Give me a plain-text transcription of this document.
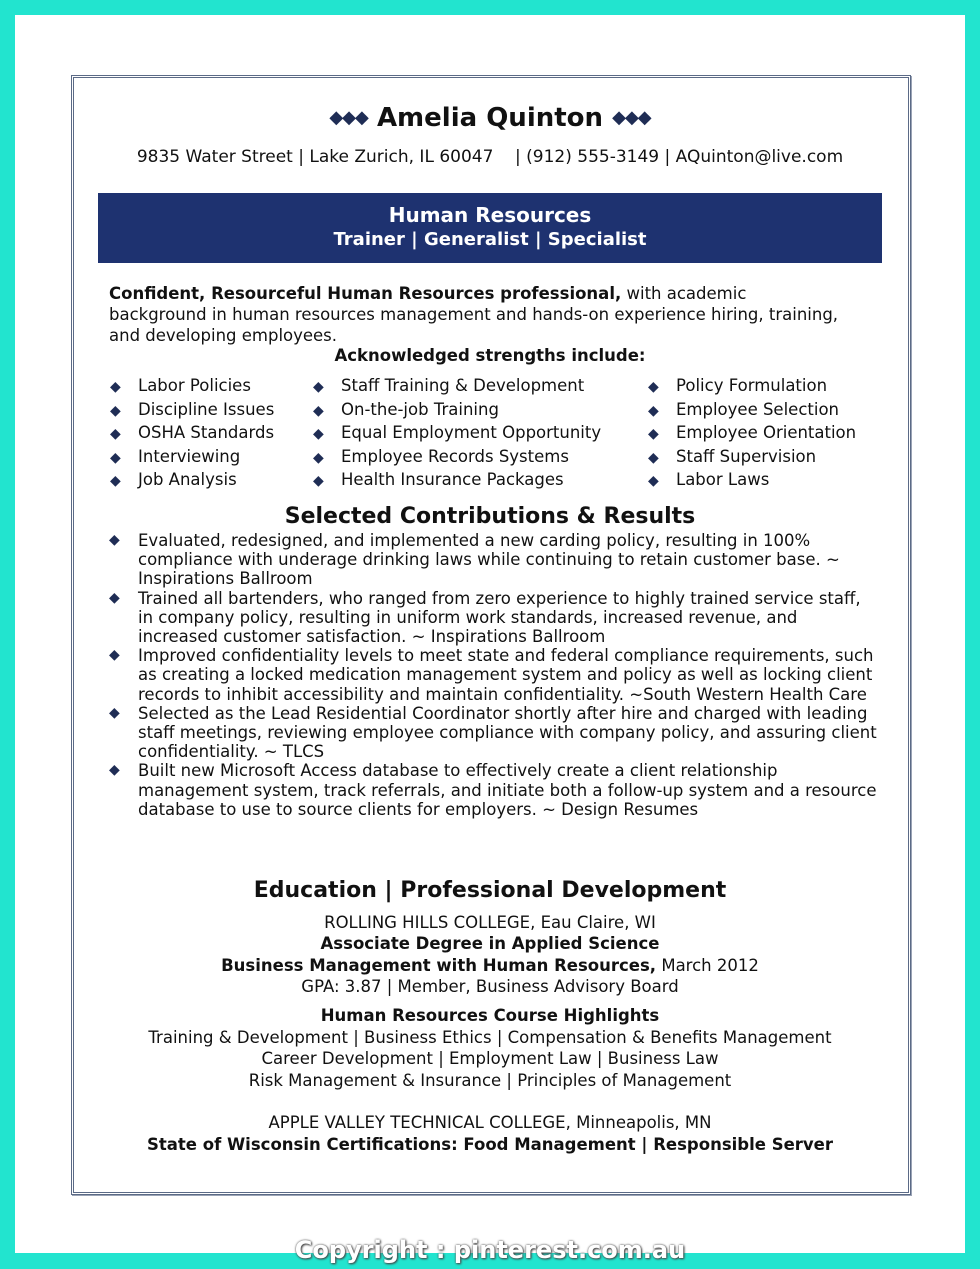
◆◆◆ Amelia Quinton ◆◆◆
9835 Water Street | Lake Zurich, IL 60047    | (912) 555-3149 | AQuinton@live.com
Human Resources
Trainer | Generalist | Specialist
Confident, Resourceful Human Resources professional, with academic background in human resources management and hands-on experience hiring, training, and developing employees.
Acknowledged strengths include:
◆ Labor Policies
◆ Discipline Issues
◆ OSHA Standards
◆ Interviewing
◆ Job Analysis
◆ Staff Training & Development
◆ On-the-job Training
◆ Equal Employment Opportunity
◆ Employee Records Systems
◆ Health Insurance Packages
◆ Policy Formulation
◆ Employee Selection
◆ Employee Orientation
◆ Staff Supervision
◆ Labor Laws
Selected Contributions & Results
◆	Evaluated, redesigned, and implemented a new carding policy, resulting in 100% compliance with underage drinking laws while continuing to retain customer base. ~ Inspirations Ballroom
◆	Trained all bartenders, who ranged from zero experience to highly trained service staff, in company policy, resulting in uniform work standards, increased revenue, and increased customer satisfaction. ~ Inspirations Ballroom
◆	Improved confidentiality levels to meet state and federal compliance requirements, such as creating a locked medication management system and policy as well as locking client records to inhibit accessibility and maintain confidentiality. ~South Western Health Care
◆	Selected as the Lead Residential Coordinator shortly after hire and charged with leading staff meetings, reviewing employee compliance with company policy, and assuring client confidentiality. ~ TLCS
◆	Built new Microsoft Access database to effectively create a client relationship management system, track referrals, and initiate both a follow-up system and a resource database to use to source clients for employers. ~ Design Resumes
Education | Professional Development
ROLLING HILLS COLLEGE, Eau Claire, WI
Associate Degree in Applied Science
Business Management with Human Resources, March 2012
GPA: 3.87 | Member, Business Advisory Board
Human Resources Course Highlights
Training & Development | Business Ethics | Compensation & Benefits Management
Career Development | Employment Law | Business Law
Risk Management & Insurance | Principles of Management
APPLE VALLEY TECHNICAL COLLEGE, Minneapolis, MN
State of Wisconsin Certifications: Food Management | Responsible Server
Copyright : pinterest.com.au
